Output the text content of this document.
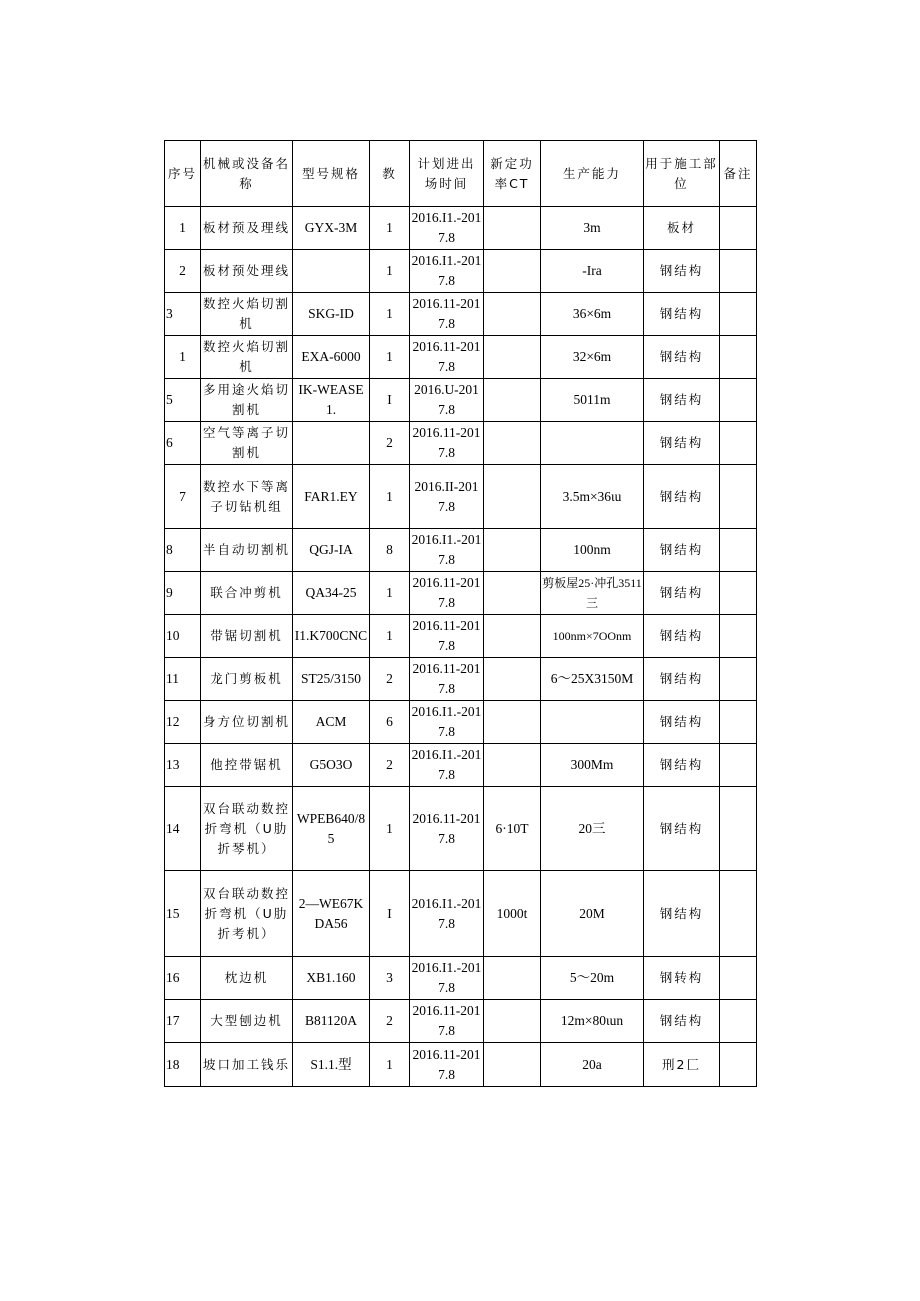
序号	机械或没备名称	型号规格	教	计划进出场时间	新定功率CT	生产能力	用于施工部位	备注
1	板材预及理线	GYX-3M	1	2016.I1.-2017.8		3m	板材	
2	板材预处理线		1	2016.I1.-2017.8		-Ira	钢结构	
3	数控火焰切割机	SKG-ID	1	2016.11-2017.8		36×6m	钢结构	
1	数控火焰切割机	EXA-6000	1	2016.11-2017.8		32×6m	钢结构	
5	多用途火焰切割机	IK-WEASE1.	I	2016.U-2017.8		5011m	钢结构	
6	空气等离子切割机		2	2016.11-2017.8			钢结构	
7	数控水下等离子切钻机组	FAR1.EY	1	2016.II-2017.8		3.5m×36ιu	钢结构	
8	半自动切割机	QGJ-IA	8	2016.I1.-2017.8		100nm	钢结构	
9	联合冲剪机	QA34-25	1	2016.11-2017.8		剪板屋25·冲孔3511三	钢结构	
10	带锯切割机	I1.K700CNC	1	2016.11-2017.8		100nm×7OOnm	钢结构	
11	龙门剪板机	ST25/3150	2	2016.11-2017.8		6～25X3150M	钢结构	
12	身方位切割机	ACM	6	2016.I1.-2017.8			钢结构	
13	他控带锯机	G5O3O	2	2016.I1.-2017.8		300Mm	钢结构	
14	双台联动数控折弯机（U肋折琴机）	WPEB640/85	1	2016.11-2017.8	6·10T	20三	钢结构	
15	双台联动数控折弯机（U肋折考机）	2—WE67KDA56	I	2016.I1.-2017.8	1000t	20M	钢结构	
16	枕边机	XB1.160	3	2016.I1.-2017.8		5～20m	钢转构	
17	大型刨边机	B81120A	2	2016.11-2017.8		12m×80ιun	钢结构	
18	坡口加工钱乐	S1.1.型	1	2016.11-2017.8		20a	刑2匚	
